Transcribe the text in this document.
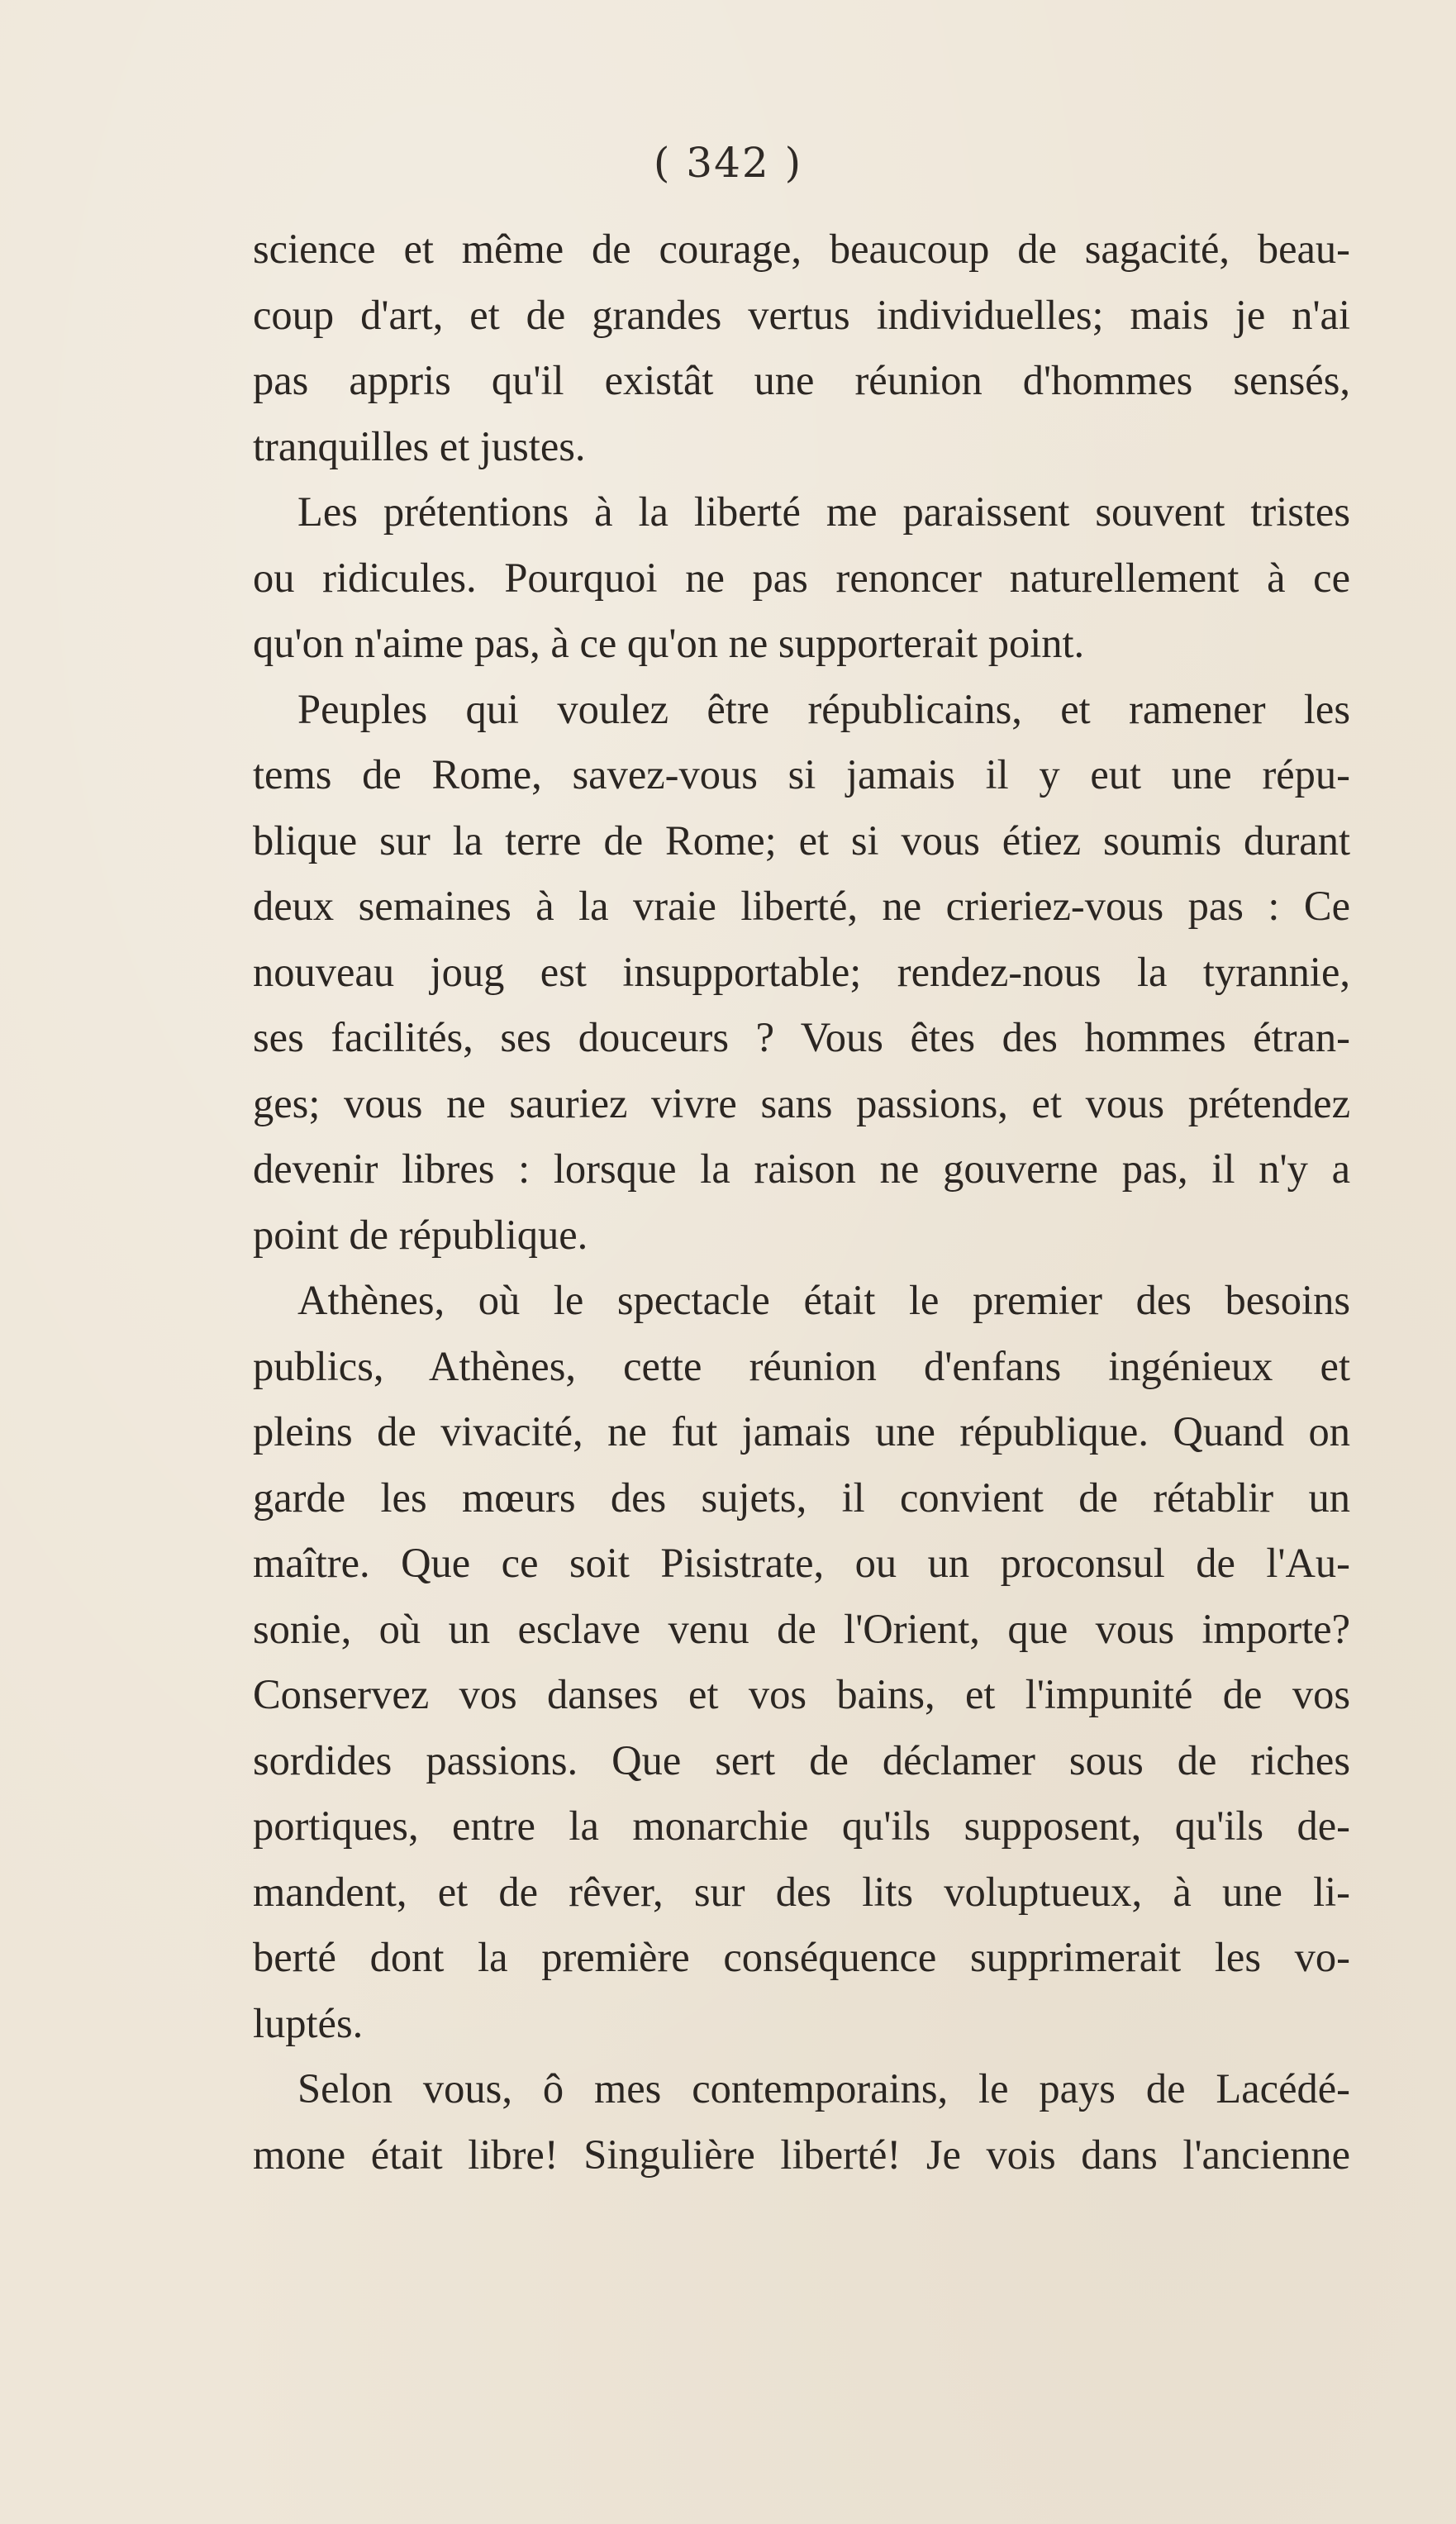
( 342 )
science et même de courage, beaucoup de sagacité, beau-
coup d'art, et de grandes vertus individuelles; mais je n'ai
pas appris qu'il existât une réunion d'hommes sensés,
tranquilles et justes.
Les prétentions à la liberté me paraissent souvent tristes
ou ridicules. Pourquoi ne pas renoncer naturellement à ce
qu'on n'aime pas, à ce qu'on ne supporterait point.
Peuples qui voulez être républicains, et ramener les
tems de Rome, savez-vous si jamais il y eut une répu-
blique sur la terre de Rome; et si vous étiez soumis durant
deux semaines à la vraie liberté, ne crieriez-vous pas : Ce
nouveau joug est insupportable; rendez-nous la tyrannie,
ses facilités, ses douceurs ? Vous êtes des hommes étran-
ges; vous ne sauriez vivre sans passions, et vous prétendez
devenir libres : lorsque la raison ne gouverne pas, il n'y a
point de république.
Athènes, où le spectacle était le premier des besoins
publics, Athènes, cette réunion d'enfans ingénieux et
pleins de vivacité, ne fut jamais une république. Quand on
garde les mœurs des sujets, il convient de rétablir un
maître. Que ce soit Pisistrate, ou un proconsul de l'Au-
sonie, où un esclave venu de l'Orient, que vous importe?
Conservez vos danses et vos bains, et l'impunité de vos
sordides passions. Que sert de déclamer sous de riches
portiques, entre la monarchie qu'ils supposent, qu'ils de-
mandent, et de rêver, sur des lits voluptueux, à une li-
berté dont la première conséquence supprimerait les vo-
luptés.
Selon vous, ô mes contemporains, le pays de Lacédé-
mone était libre! Singulière liberté! Je vois dans l'ancienne
